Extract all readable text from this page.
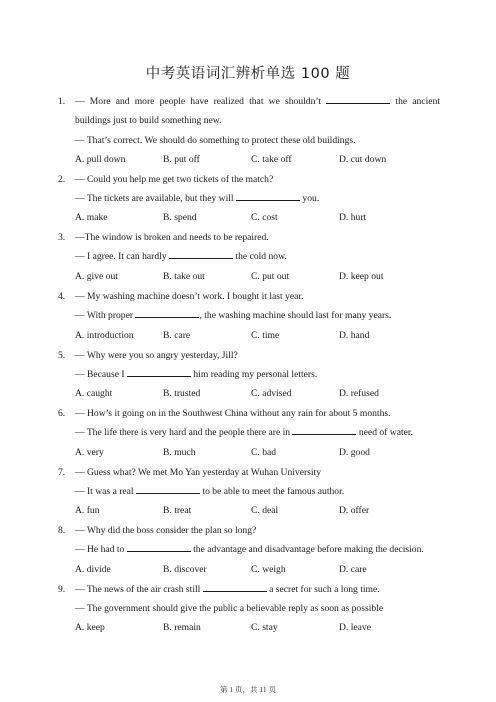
中考英语词汇辨析单选 100 题
1. — More and more people have realized that we shouldn’t	the ancient
buildings just to build something new.
— That’s correct. We should do something to protect these old buildings.
A. pull down	B. put off	C. take off	D. cut down
2. — Could you help me get two tickets of the match?
— The tickets are available, but they will	you.
A. make	B. spend	C. cost	D. hurt
3. —The window is broken and needs to be repaired.
— I agree. It can hardly	the cold now.
A. give out	B. take out	C. put out	D. keep out
4. — My washing machine doesn’t work. I bought it last year.
— With proper	, the washing machine should last for many years.
A. introduction	B. care	C. time	D. hand
5. — Why were you so angry yesterday, Jill?
— Because I	him reading my personal letters.
A. caught	B. trusted	C. advised	D. refused
6. — How’s it going on in the Southwest China without any rain for about 5 months.
— The life there is very hard and the people there are in	need of water.
A. very	B. much	C. bad	D. good
7. — Guess what? We met Mo Yan yesterday at Wuhan University
— It was a real	to be able to meet the famous author.
A. fun	B. treat	C. deal	D. offer
8. — Why did the boss consider the plan so long?
— He had to	the advantage and disadvantage before making the decision.
A. divide	B. discover	C. weigh	D. care
9. — The news of the air crash still	a secret for such a long time.
— The government should give the public a believable reply as soon as possible
A. keep	B. remain	C. stay	D. leave
第 1 页，共 11 页
